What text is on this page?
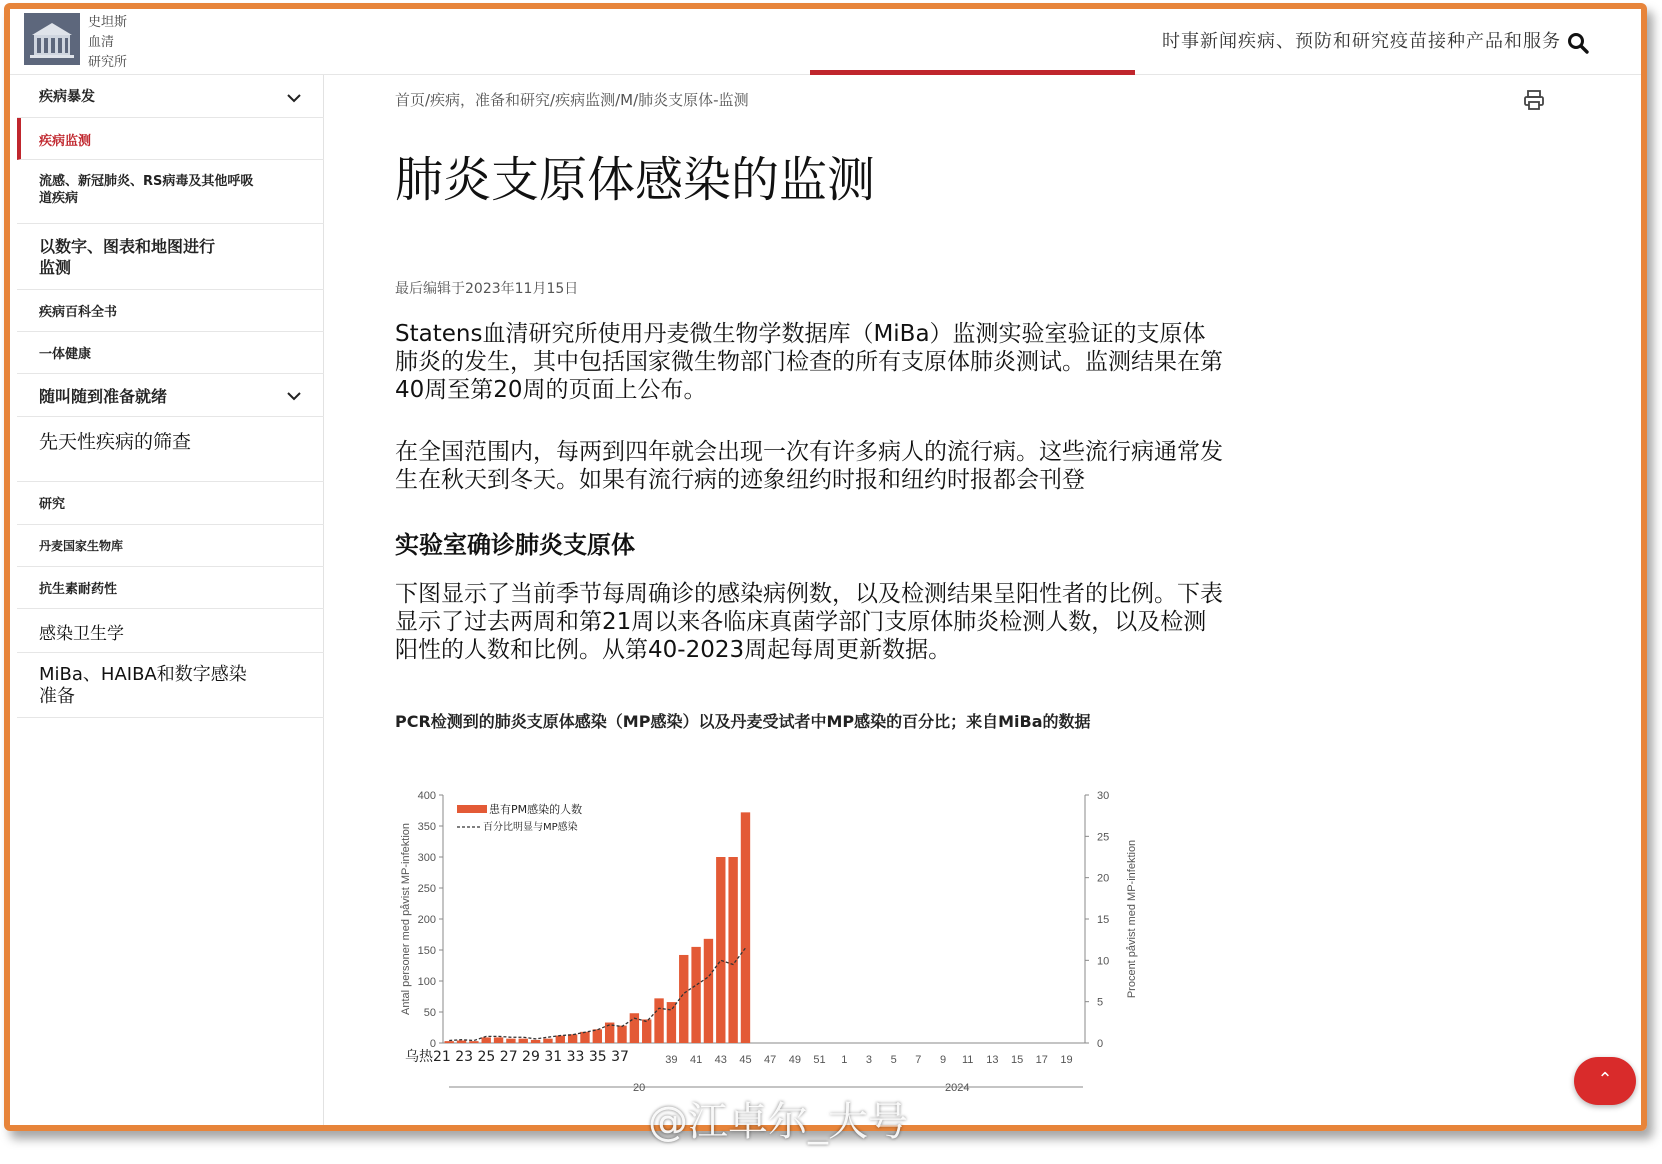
史坦斯
血清
研究所
时事新闻疾病、预防和研究疫苗接种产品和服务
疾病暴发
疾病监测
流感、新冠肺炎、RS病毒及其他呼吸
道疾病
以数字、图表和地图进行
监测
疾病百科全书
一体健康
随叫随到准备就绪
先天性疾病的筛查
研究
丹麦国家生物库
抗生素耐药性
感染卫生学
MiBa、HAIBA和数字感染
准备
首页/疾病，准备和研究/疾病监测/M/肺炎支原体-监测
肺炎支原体感染的监测
最后编辑于2023年11月15日

Statens血清研究所使用丹麦微生物学数据库（MiBa）监测实验室验证的支原体肺炎的发生，其中包括国家微生物部门检查的所有支原体肺炎测试。监测结果在第40周至第20周的页面上公布。

在全国范围内，每两到四年就会出现一次有许多病人的流行病。这些流行病通常发生在秋天到冬天。如果有流行病的迹象纽约时报和纽约时报都会刊登

实验室确诊肺炎支原体

下图显示了当前季节每周确诊的感染病例数，以及检测结果呈阳性者的比例。下表显示了过去两周和第21周以来各临床真菌学部门支原体肺炎检测人数，以及检测阳性的人数和比例。从第40-2023周起每周更新数据。

PCR检测到的肺炎支原体感染（MP感染）以及丹麦受试者中MP感染的百分比；来自MiBa的数据
0
50
100
150
200
250
300
350
400
0
5
10
15
20
25
30
Antal personer med påvist MP-infektion	Procent påvist med MP-infektion
乌热21 23 25 27 29 31 33 35 37	39 41 43 45 47 49 51 1 3 5 7 9 11 13 15 17 19
20	2024
患有PM感染的人数
百分比明显与MP感染
⌃
@江卓尔_大号
